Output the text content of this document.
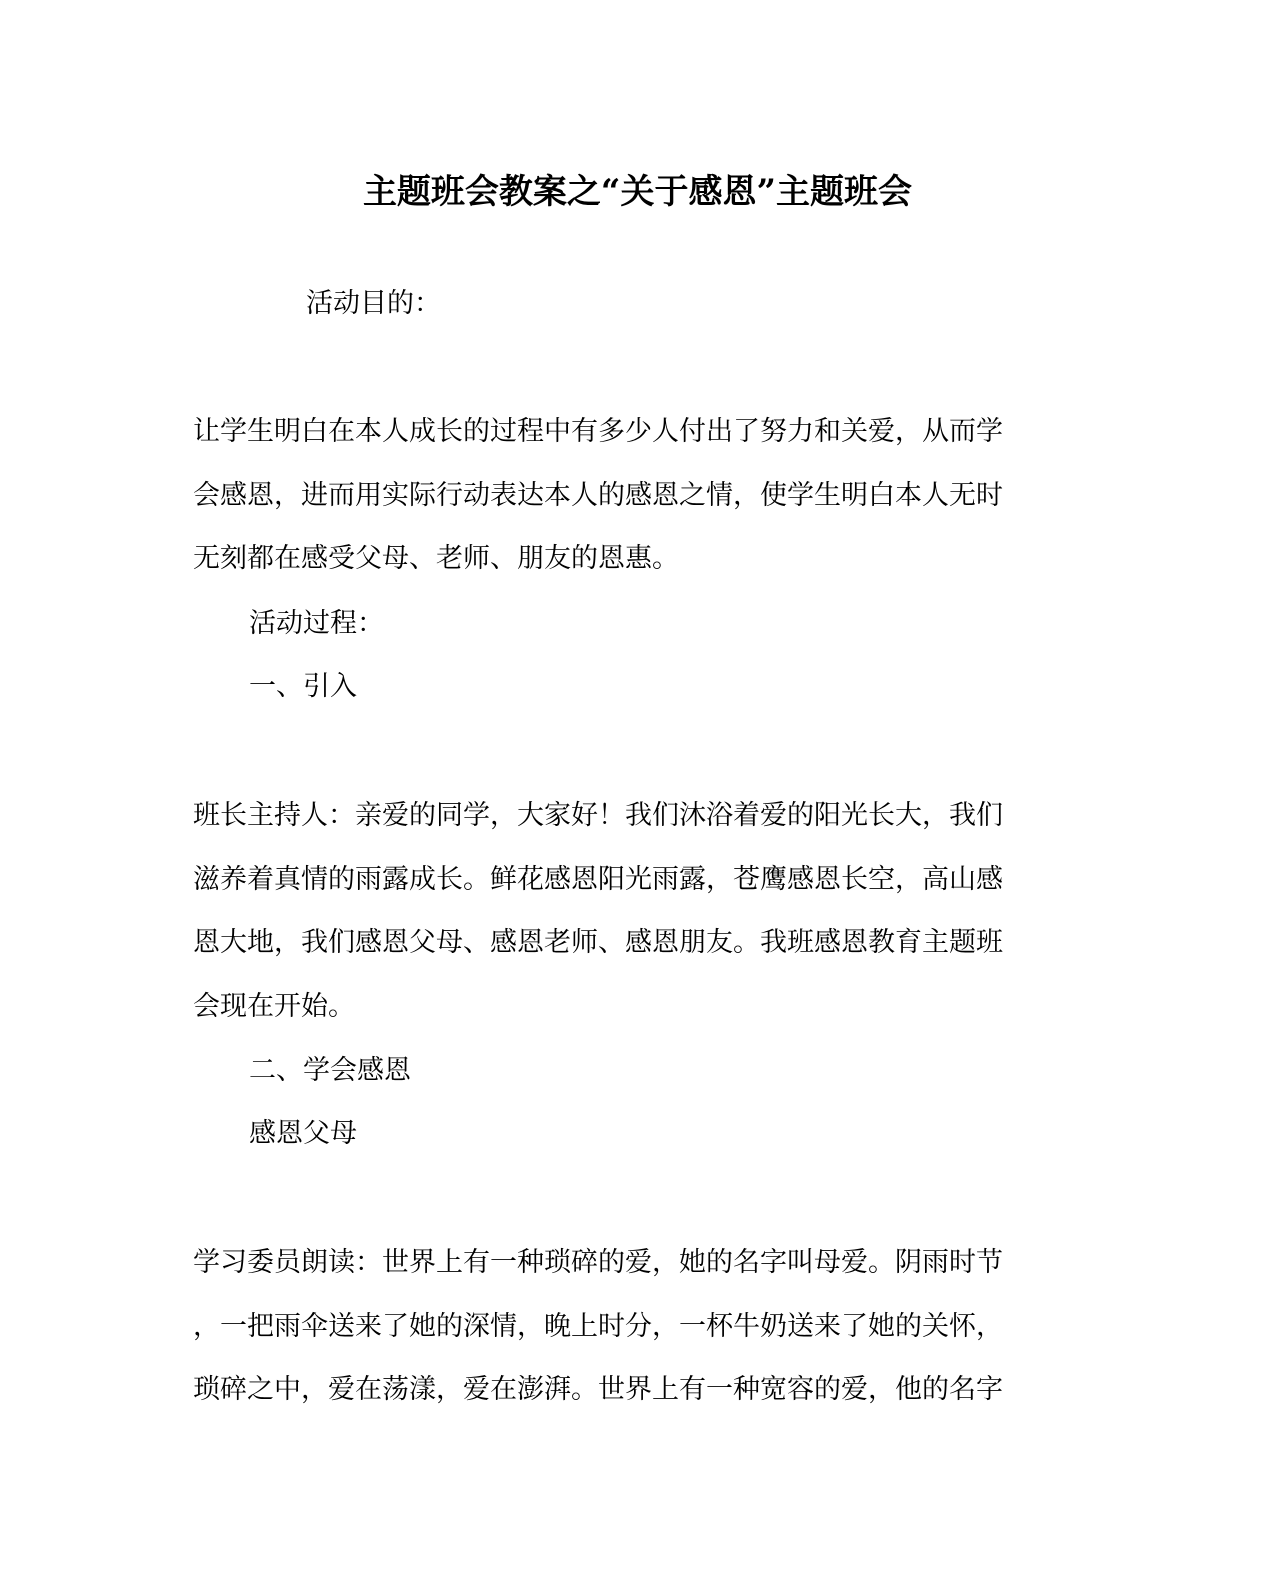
主题班会教案之“关于感恩”主题班会
活动目的：
让学生明白在本人成长的过程中有多少人付出了努力和关爱，从而学
会感恩，进而用实际行动表达本人的感恩之情，使学生明白本人无时
无刻都在感受父母、老师、朋友的恩惠。
活动过程：
一、引入
班长主持人：亲爱的同学，大家好！我们沐浴着爱的阳光长大，我们
滋养着真情的雨露成长。鲜花感恩阳光雨露，苍鹰感恩长空，高山感
恩大地，我们感恩父母、感恩老师、感恩朋友。我班感恩教育主题班
会现在开始。
二、学会感恩
感恩父母
学习委员朗读：世界上有一种琐碎的爱，她的名字叫母爱。阴雨时节
，一把雨伞送来了她的深情，晚上时分，一杯牛奶送来了她的关怀，
琐碎之中，爱在荡漾，爱在澎湃。世界上有一种宽容的爱，他的名字
